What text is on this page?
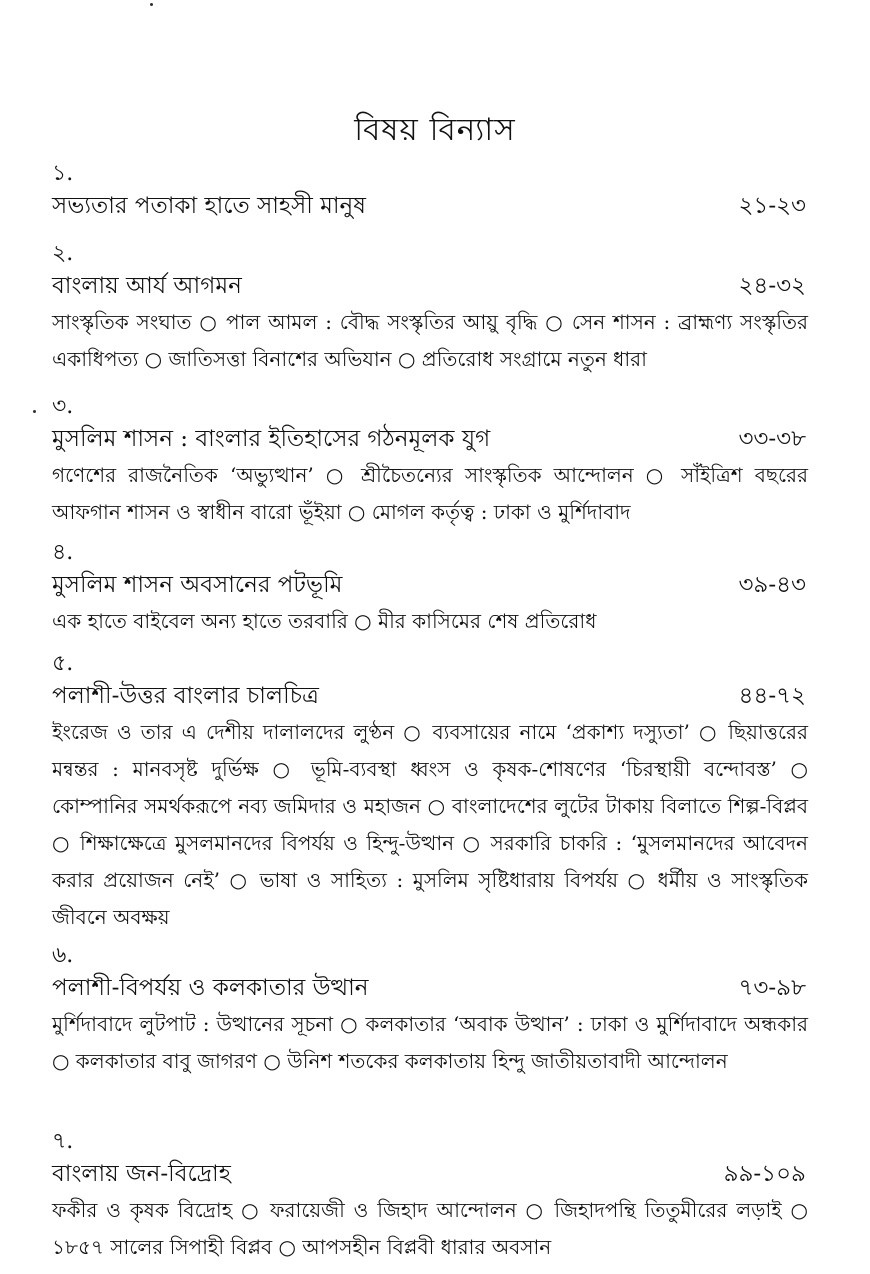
বিষয় বিন্যাস
১.
সভ্যতার পতাকা হাতে সাহসী মানুষ	২১-২৩
২.
বাংলায় আর্য আগমন	২৪-৩২
সাংস্কৃতিক সংঘাত ○ পাল আমল : বৌদ্ধ সংস্কৃতির আয়ু বৃদ্ধি ○ সেন শাসন : ব্রাহ্মণ্য সংস্কৃতির একাধিপত্য ○ জাতিসত্তা বিনাশের অভিযান ○ প্রতিরোধ সংগ্রামে নতুন ধারা
৩.
মুসলিম শাসন : বাংলার ইতিহাসের গঠনমূলক যুগ	৩৩-৩৮
গণেশের রাজনৈতিক ‘অভ্যুত্থান’ ○ শ্রীচৈতন্যের সাংস্কৃতিক আন্দোলন ○ সাঁইত্রিশ বছরের আফগান শাসন ও স্বাধীন বারো ভূঁইয়া ○ মোগল কর্তৃত্ব : ঢাকা ও মুর্শিদাবাদ
৪.
মুসলিম শাসন অবসানের পটভূমি	৩৯-৪৩
এক হাতে বাইবেল অন্য হাতে তরবারি ○ মীর কাসিমের শেষ প্রতিরোধ
৫.
পলাশী-উত্তর বাংলার চালচিত্র	৪৪-৭২
ইংরেজ ও তার এ দেশীয় দালালদের লুণ্ঠন ○ ব্যবসায়ের নামে ‘প্রকাশ্য দস্যুতা’ ○ ছিয়াত্তরের মন্বন্তর : মানবসৃষ্ট দুর্ভিক্ষ ○ ভূমি-ব্যবস্থা ধ্বংস ও কৃষক-শোষণের ‘চিরস্থায়ী বন্দোবস্ত’ ○ কোম্পানির সমর্থকরূপে নব্য জমিদার ও মহাজন ○ বাংলাদেশের লুটের টাকায় বিলাতে শিল্প-বিপ্লব ○ শিক্ষাক্ষেত্রে মুসলমানদের বিপর্যয় ও হিন্দু-উত্থান ○ সরকারি চাকরি : ‘মুসলমানদের আবেদন করার প্রয়োজন নেই’ ○ ভাষা ও সাহিত্য : মুসলিম সৃষ্টিধারায় বিপর্যয় ○ ধর্মীয় ও সাংস্কৃতিক জীবনে অবক্ষয়
৬.
পলাশী-বিপর্যয় ও কলকাতার উত্থান	৭৩-৯৮
মুর্শিদাবাদে লুটপাট : উত্থানের সূচনা ○ কলকাতার ‘অবাক উত্থান’ : ঢাকা ও মুর্শিদাবাদে অন্ধকার ○ কলকাতার বাবু জাগরণ ○ উনিশ শতকের কলকাতায় হিন্দু জাতীয়তাবাদী আন্দোলন
৭.
বাংলায় জন-বিদ্রোহ	৯৯-১০৯
ফকীর ও কৃষক বিদ্রোহ ○ ফরায়েজী ও জিহাদ আন্দোলন ○ জিহাদপন্থি তিতুমীরের লড়াই ○ ১৮৫৭ সালের সিপাহী বিপ্লব ○ আপসহীন বিপ্লবী ধারার অবসান
